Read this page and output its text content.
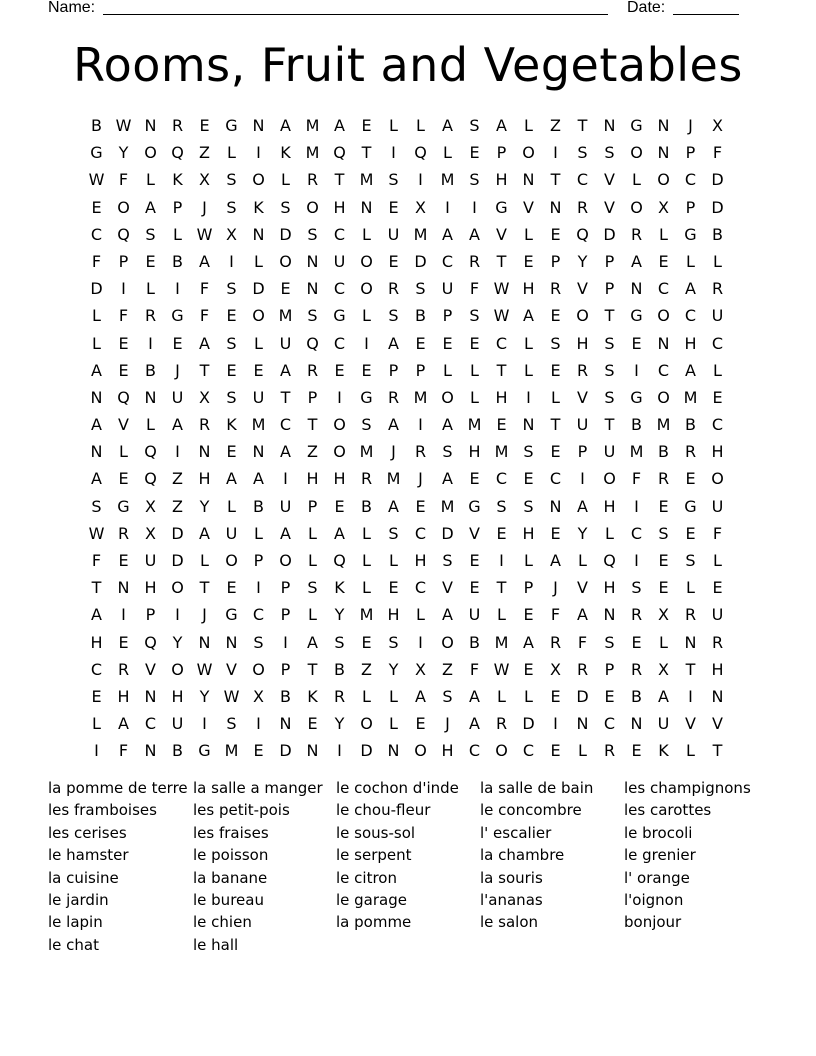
Name:	Date:
Rooms, Fruit and Vegetables
B W N R	E G N A M A	E	L	L	A	S	A	L	Z	T	N G N	J	X
G Y O Q Z	L	I	K M Q T	I	Q	L	E	P O	I	S	S O N	P	F
W F	L	K	X	S O	L	R	T M S	I	M S H N	T	C V	L	O C D
E O A	P	J	S	K	S O H N E	X	I	I	G V N R V O X	P	D
C Q S	L W X N D S	C	L	U M A	A	V	L	E Q D R	L	G B
F	P	E	B	A	I	L	O N U O E D C R	T	E	P	Y	P	A	E	L	L
D	I	L	I	F	S D E N C O R	S	U	F W H R V	P	N C A R
L	F	R G	F	E O M S G	L	S	B	P	S W A	E O T G O C U
L	E	I	E	A	S	L	U Q C	I	A	E	E	E	C	L	S H S	E N H C
A	E	B	J	T	E	E	A R	E	E	P	P	L	L	T	L	E	R	S	I	C A	L
N Q N U X	S	U	T	P	I	G R M O	L	H	I	L	V	S G O M E
A	V	L	A R	K M C	T O S	A	I	A M E N	T	U	T	B M B C
N	L	Q	I	N E N A	Z O M	J	R	S H M S	E	P	U M B R H
A	E Q Z H A	A	I	H H R M	J	A	E	C	E	C	I	O	F	R	E O
S G X	Z	Y	L	B U	P	E	B	A	E M G S	S N A H	I	E G U
W R X D A U	L	A	L	A	L	S	C D V	E H E	Y	L	C	S	E	F
F	E	U D	L	O P O	L	Q	L	L	H S	E	I	L	A	L	Q	I	E	S	L
T	N H O T	E	I	P	S	K	L	E	C V	E	T	P	J	V H S	E	L	E
A	I	P	I	J	G C	P	L	Y M H	L	A U	L	E	F	A N R X R U
H E Q Y	N N S	I	A	S	E	S	I	O B M A R	F	S	E	L	N R
C R V O W V O P	T	B	Z	Y	X	Z	F W E	X R	P	R X	T	H
E H N H	Y W X	B	K	R	L	L	A	S	A	L	L	E D E	B	A	I	N
L	A C U	I	S	I	N E	Y O	L	E	J	A R D	I	N C N U V	V
I	F	N B G M E D N	I	D N O H C O C	E	L	R	E	K	L	T
la pomme de terre
les framboises
les cerises
le hamster
la cuisine
le jardin
le lapin
le chat
la salle a manger
les petit-pois
les fraises
le poisson
la banane
le bureau
le chien
le hall
le cochon d'inde
le chou-fleur
le sous-sol
le serpent
le citron
le garage
la pomme
la salle de bain
le concombre
l' escalier
la chambre
la souris
l'ananas
le salon
les champignons
les carottes
le brocoli
le grenier
l' orange
l'oignon
bonjour
